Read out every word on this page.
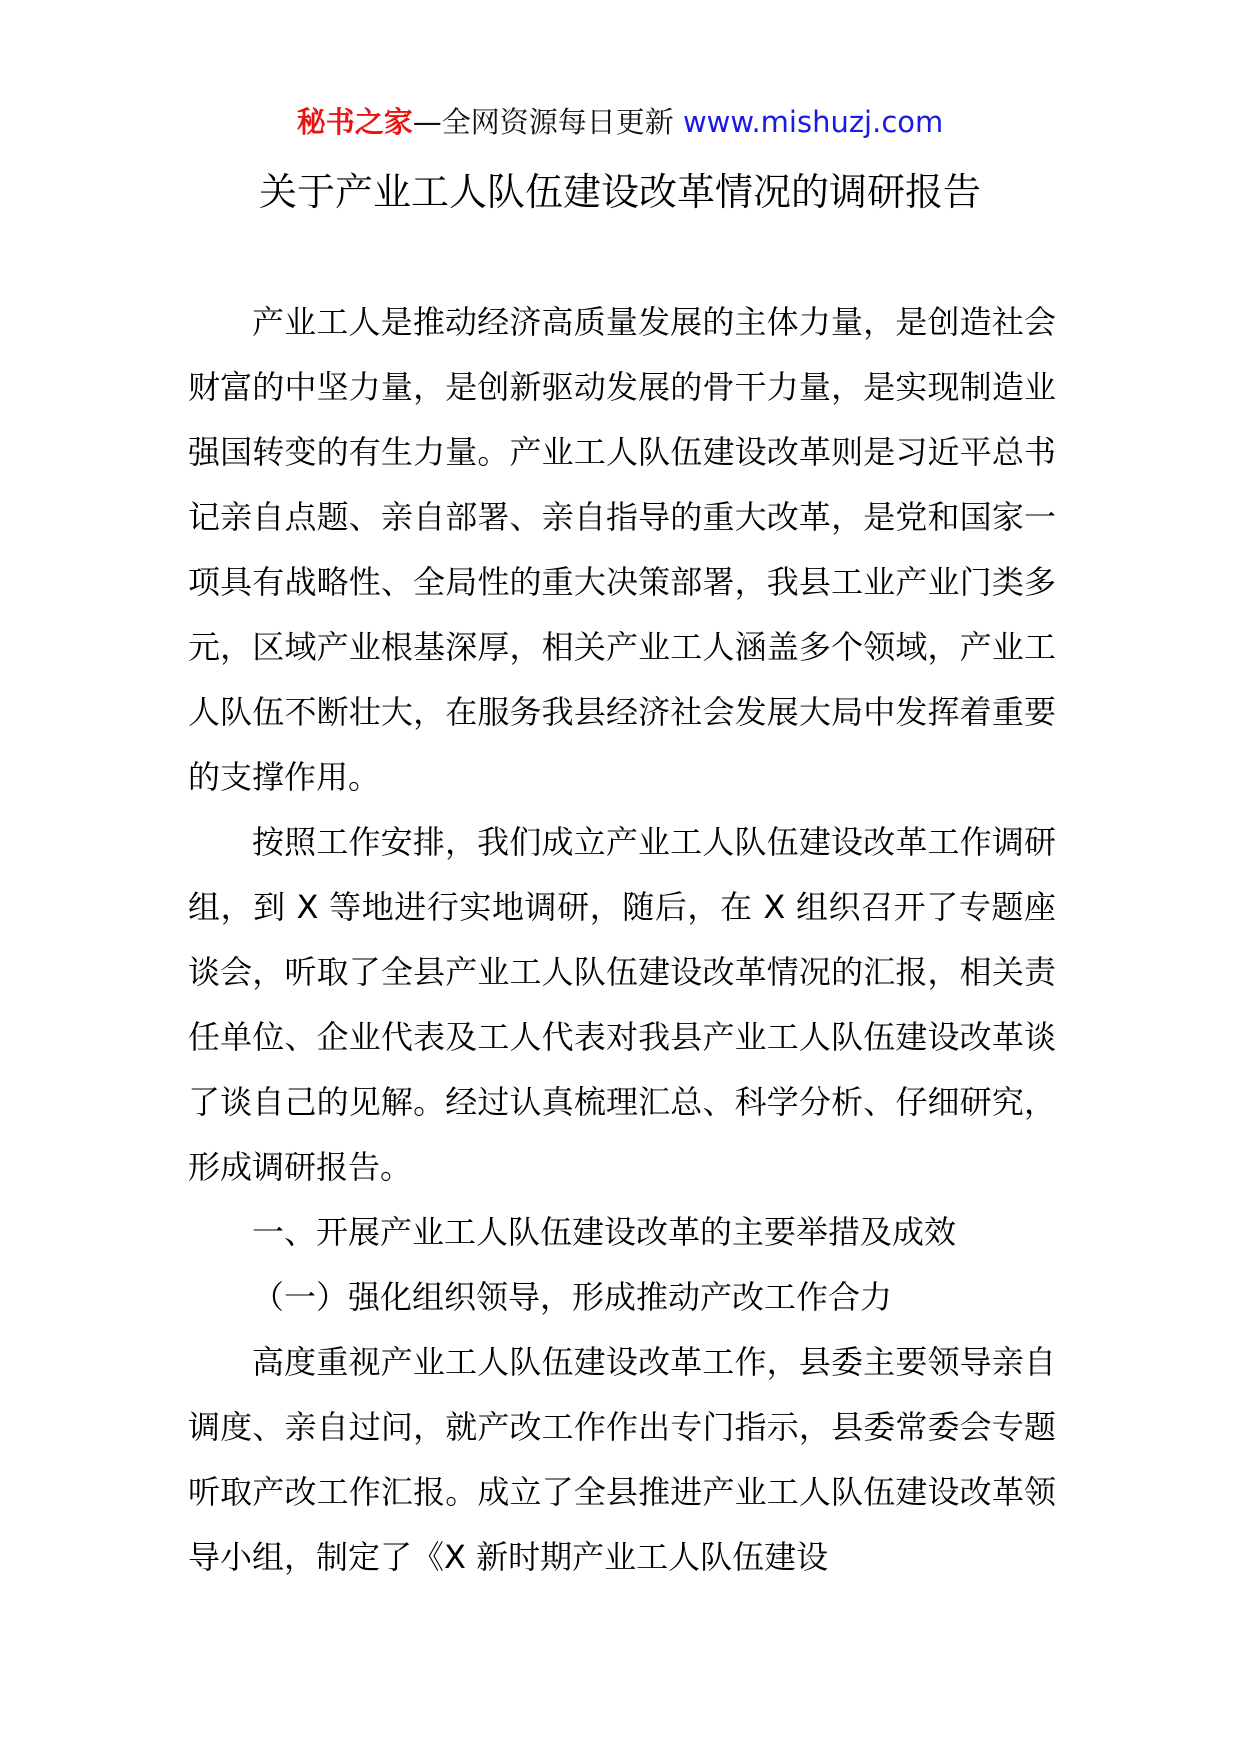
秘书之家—全网资源每日更新 www.mishuzj.com
关于产业工人队伍建设改革情况的调研报告

产业工人是推动经济高质量发展的主体力量，是创造社会财富的中坚力量，是创新驱动发展的骨干力量，是实现制造业强国转变的有生力量。产业工人队伍建设改革则是习近平总书记亲自点题、亲自部署、亲自指导的重大改革，是党和国家一项具有战略性、全局性的重大决策部署，我县工业产业门类多元，区域产业根基深厚，相关产业工人涵盖多个领域，产业工人队伍不断壮大，在服务我县经济社会发展大局中发挥着重要的支撑作用。

按照工作安排，我们成立产业工人队伍建设改革工作调研组，到 X 等地进行实地调研，随后，在 X 组织召开了专题座谈会，听取了全县产业工人队伍建设改革情况的汇报，相关责任单位、企业代表及工人代表对我县产业工人队伍建设改革谈了谈自己的见解。经过认真梳理汇总、科学分析、仔细研究，形成调研报告。

一、开展产业工人队伍建设改革的主要举措及成效

（一）强化组织领导，形成推动产改工作合力

高度重视产业工人队伍建设改革工作，县委主要领导亲自调度、亲自过问，就产改工作作出专门指示，县委常委会专题听取产改工作汇报。成立了全县推进产业工人队伍建设改革领导小组，制定了《X 新时期产业工人队伍建设
